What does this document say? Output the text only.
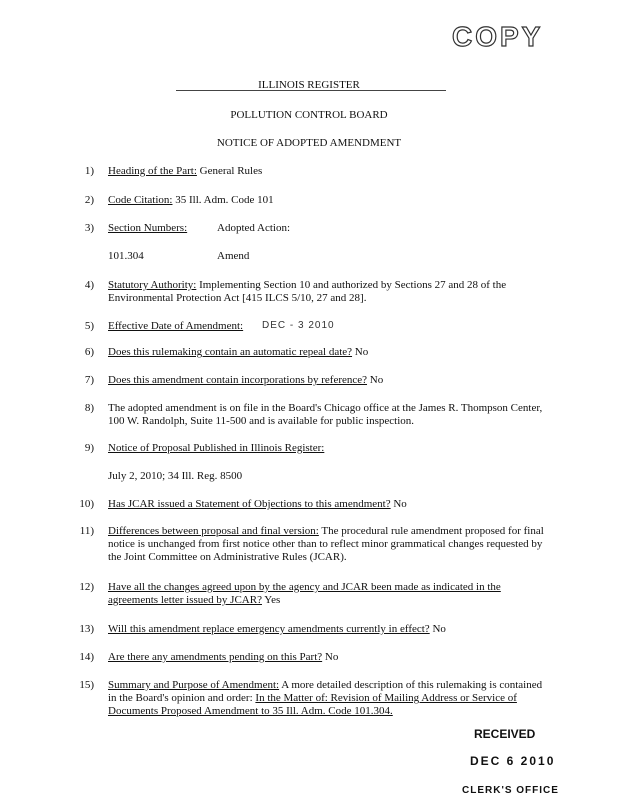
COPY
ILLINOIS REGISTER
POLLUTION CONTROL BOARD
NOTICE OF ADOPTED AMENDMENT
1) Heading of the Part: General Rules
2) Code Citation: 35 Ill. Adm. Code 101
3) Section Numbers:	Adopted Action:
101.304	Amend
4) Statutory Authority: Implementing Section 10 and authorized by Sections 27 and 28 of the Environmental Protection Act [415 ILCS 5/10, 27 and 28].
5) Effective Date of Amendment: DEC - 3 2010
6) Does this rulemaking contain an automatic repeal date? No
7) Does this amendment contain incorporations by reference? No
8) The adopted amendment is on file in the Board's Chicago office at the James R. Thompson Center, 100 W. Randolph, Suite 11-500 and is available for public inspection.
9) Notice of Proposal Published in Illinois Register:
July 2, 2010; 34 Ill. Reg. 8500
10) Has JCAR issued a Statement of Objections to this amendment? No
11) Differences between proposal and final version: The procedural rule amendment proposed for final notice is unchanged from first notice other than to reflect minor grammatical changes requested by the Joint Committee on Administrative Rules (JCAR).
12) Have all the changes agreed upon by the agency and JCAR been made as indicated in the agreements letter issued by JCAR? Yes
13) Will this amendment replace emergency amendments currently in effect? No
14) Are there any amendments pending on this Part? No
15) Summary and Purpose of Amendment: A more detailed description of this rulemaking is contained in the Board's opinion and order: In the Matter of: Revision of Mailing Address or Service of Documents Proposed Amendment to 35 Ill. Adm. Code 101.304.
RECEIVED
DEC 6 2010
CLERK'S OFFICE
